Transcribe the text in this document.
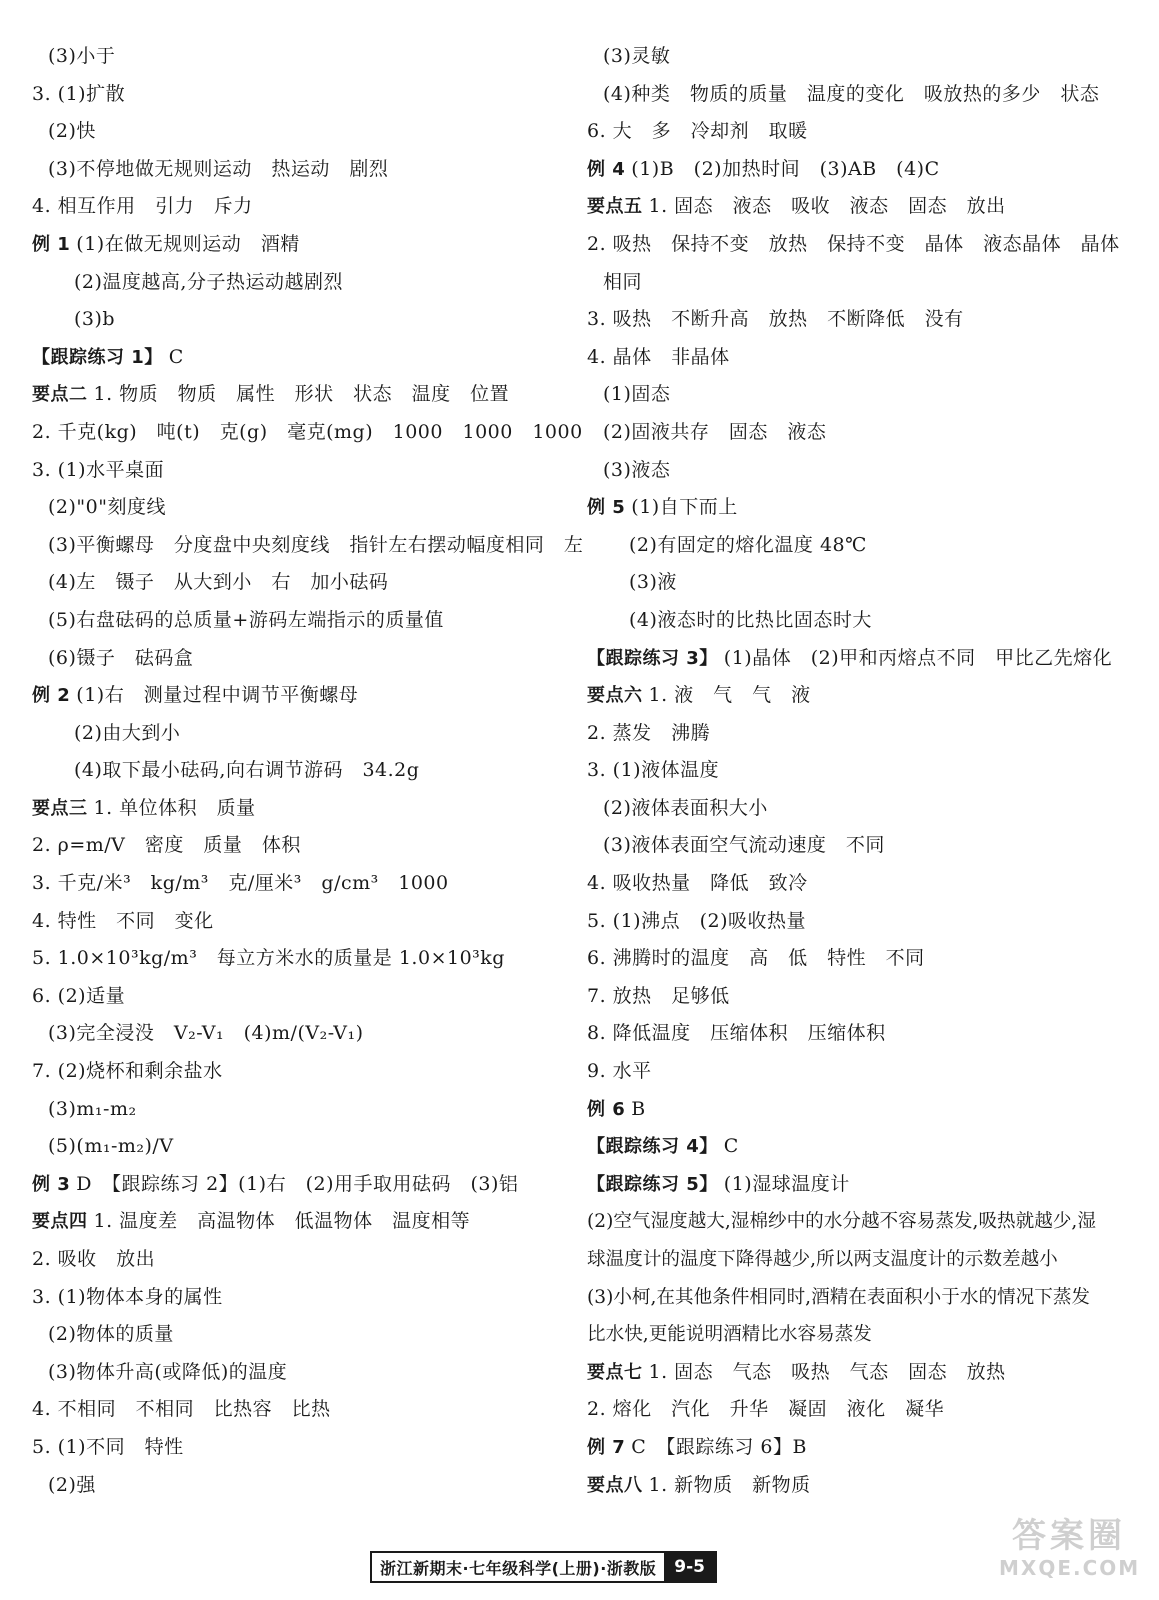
(3)小于
3. (1)扩散
(2)快
(3)不停地做无规则运动　热运动　剧烈
4. 相互作用　引力　斥力
例 1 (1)在做无规则运动　酒精
(2)温度越高,分子热运动越剧烈
(3)b
【跟踪练习 1】 C
要点二 1. 物质　物质　属性　形状　状态　温度　位置
2. 千克(kg)　吨(t)　克(g)　毫克(mg)　1000　1000　1000
3. (1)水平桌面
(2)"0"刻度线
(3)平衡螺母　分度盘中央刻度线　指针左右摆动幅度相同　左
(4)左　镊子　从大到小　右　加小砝码
(5)右盘砝码的总质量+游码左端指示的质量值
(6)镊子　砝码盒
例 2 (1)右　测量过程中调节平衡螺母
(2)由大到小
(4)取下最小砝码,向右调节游码　34.2g
要点三 1. 单位体积　质量
2. ρ=m/V　密度　质量　体积
3. 千克/米³　kg/m³　克/厘米³　g/cm³　1000
4. 特性　不同　变化
5. 1.0×10³kg/m³　每立方米水的质量是 1.0×10³kg
6. (2)适量
(3)完全浸没　V₂-V₁　(4)m/(V₂-V₁)
7. (2)烧杯和剩余盐水
(3)m₁-m₂
(5)(m₁-m₂)/V
例 3 D　【跟踪练习 2】(1)右　(2)用手取用砝码　(3)铝
要点四 1. 温度差　高温物体　低温物体　温度相等
2. 吸收　放出
3. (1)物体本身的属性
(2)物体的质量
(3)物体升高(或降低)的温度
4. 不相同　不相同　比热容　比热
5. (1)不同　特性
(2)强
(3)灵敏
(4)种类　物质的质量　温度的变化　吸放热的多少　状态
6. 大　多　冷却剂　取暖
例 4 (1)B　(2)加热时间　(3)AB　(4)C
要点五 1. 固态　液态　吸收　液态　固态　放出
2. 吸热　保持不变　放热　保持不变　晶体　液态晶体　晶体
相同
3. 吸热　不断升高　放热　不断降低　没有
4. 晶体　非晶体
(1)固态
(2)固液共存　固态　液态
(3)液态
例 5 (1)自下而上
(2)有固定的熔化温度 48℃
(3)液
(4)液态时的比热比固态时大
【跟踪练习 3】 (1)晶体　(2)甲和丙熔点不同　甲比乙先熔化
要点六 1. 液　气　气　液
2. 蒸发　沸腾
3. (1)液体温度
(2)液体表面积大小
(3)液体表面空气流动速度　不同
4. 吸收热量　降低　致冷
5. (1)沸点　(2)吸收热量
6. 沸腾时的温度　高　低　特性　不同
7. 放热　足够低
8. 降低温度　压缩体积　压缩体积
9. 水平
例 6 B
【跟踪练习 4】 C
【跟踪练习 5】 (1)湿球温度计
(2)空气湿度越大,湿棉纱中的水分越不容易蒸发,吸热就越少,湿
球温度计的温度下降得越少,所以两支温度计的示数差越小
(3)小柯,在其他条件相同时,酒精在表面积小于水的情况下蒸发
比水快,更能说明酒精比水容易蒸发
要点七 1. 固态　气态　吸热　气态　固态　放热
2. 熔化　汽化　升华　凝固　液化　凝华
例 7 C　【跟踪练习 6】B
要点八 1. 新物质　新物质
浙江新期末·七年级科学(上册)·浙教版	9-5
答案圈
MXQE.COM
